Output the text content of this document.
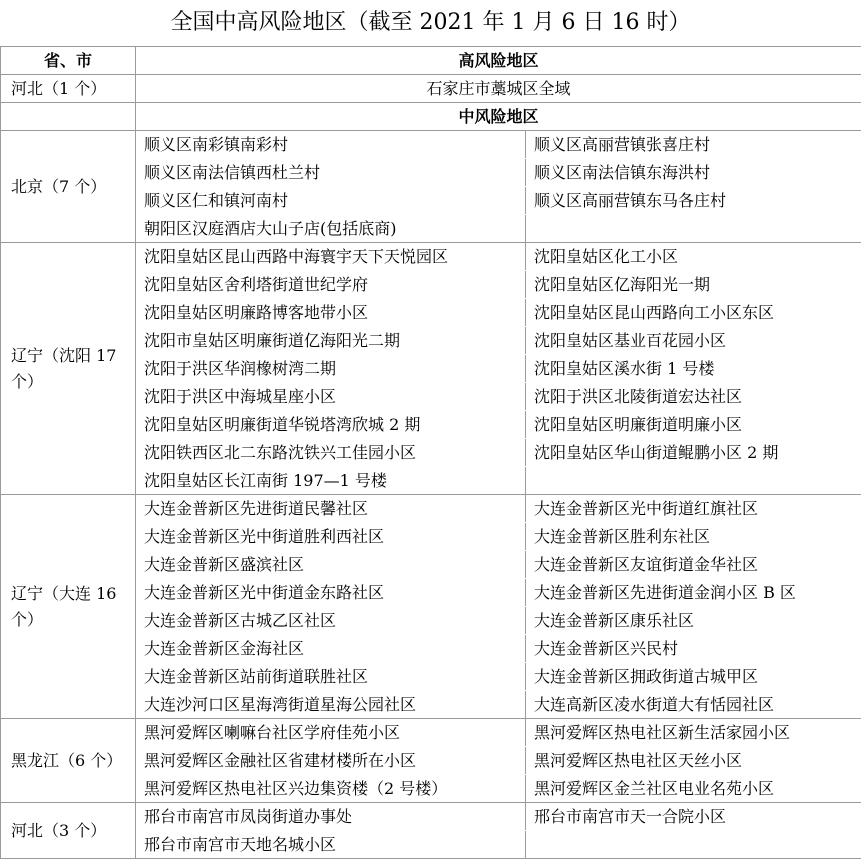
全国中高风险地区（截至 2021 年 1 月 6 日 16 时）
省、市	高风险地区	
河北（1 个）	石家庄市藁城区全域	
	中风险地区	
北京（7 个）	顺义区南彩镇南彩村	顺义区高丽营镇张喜庄村
	顺义区南法信镇西杜兰村	顺义区南法信镇东海洪村
	顺义区仁和镇河南村	顺义区高丽营镇东马各庄村
	朝阳区汉庭酒店大山子店(包括底商)	
辽宁（沈阳 17 个）	沈阳皇姑区昆山西路中海寰宇天下天悦园区	沈阳皇姑区化工小区
	沈阳皇姑区舍利塔街道世纪学府	沈阳皇姑区亿海阳光一期
	沈阳皇姑区明廉路博客地带小区	沈阳皇姑区昆山西路向工小区东区
	沈阳市皇姑区明廉街道亿海阳光二期	沈阳皇姑区基业百花园小区
	沈阳于洪区华润橡树湾二期	沈阳皇姑区溪水街 1 号楼
	沈阳于洪区中海城星座小区	沈阳于洪区北陵街道宏达社区
	沈阳皇姑区明廉街道华锐塔湾欣城 2 期	沈阳皇姑区明廉街道明廉小区
	沈阳铁西区北二东路沈铁兴工佳园小区	沈阳皇姑区华山街道鲲鹏小区 2 期
	沈阳皇姑区长江南街 197—1 号楼	
辽宁（大连 16 个）	大连金普新区先进街道民馨社区	大连金普新区光中街道红旗社区
	大连金普新区光中街道胜利西社区	大连金普新区胜利东社区
	大连金普新区盛滨社区	大连金普新区友谊街道金华社区
	大连金普新区光中街道金东路社区	大连金普新区先进街道金润小区 B 区
	大连金普新区古城乙区社区	大连金普新区康乐社区
	大连金普新区金海社区	大连金普新区兴民村
	大连金普新区站前街道联胜社区	大连金普新区拥政街道古城甲区
	大连沙河口区星海湾街道星海公园社区	大连高新区凌水街道大有恬园社区
黑龙江（6 个）	黑河爱辉区喇嘛台社区学府佳苑小区	黑河爱辉区热电社区新生活家园小区
	黑河爱辉区金融社区省建材楼所在小区	黑河爱辉区热电社区天丝小区
	黑河爱辉区热电社区兴边集资楼（2 号楼）	黑河爱辉区金兰社区电业名苑小区
河北（3 个）	邢台市南宫市凤岗街道办事处	邢台市南宫市天一合院小区
	邢台市南宫市天地名城小区	
